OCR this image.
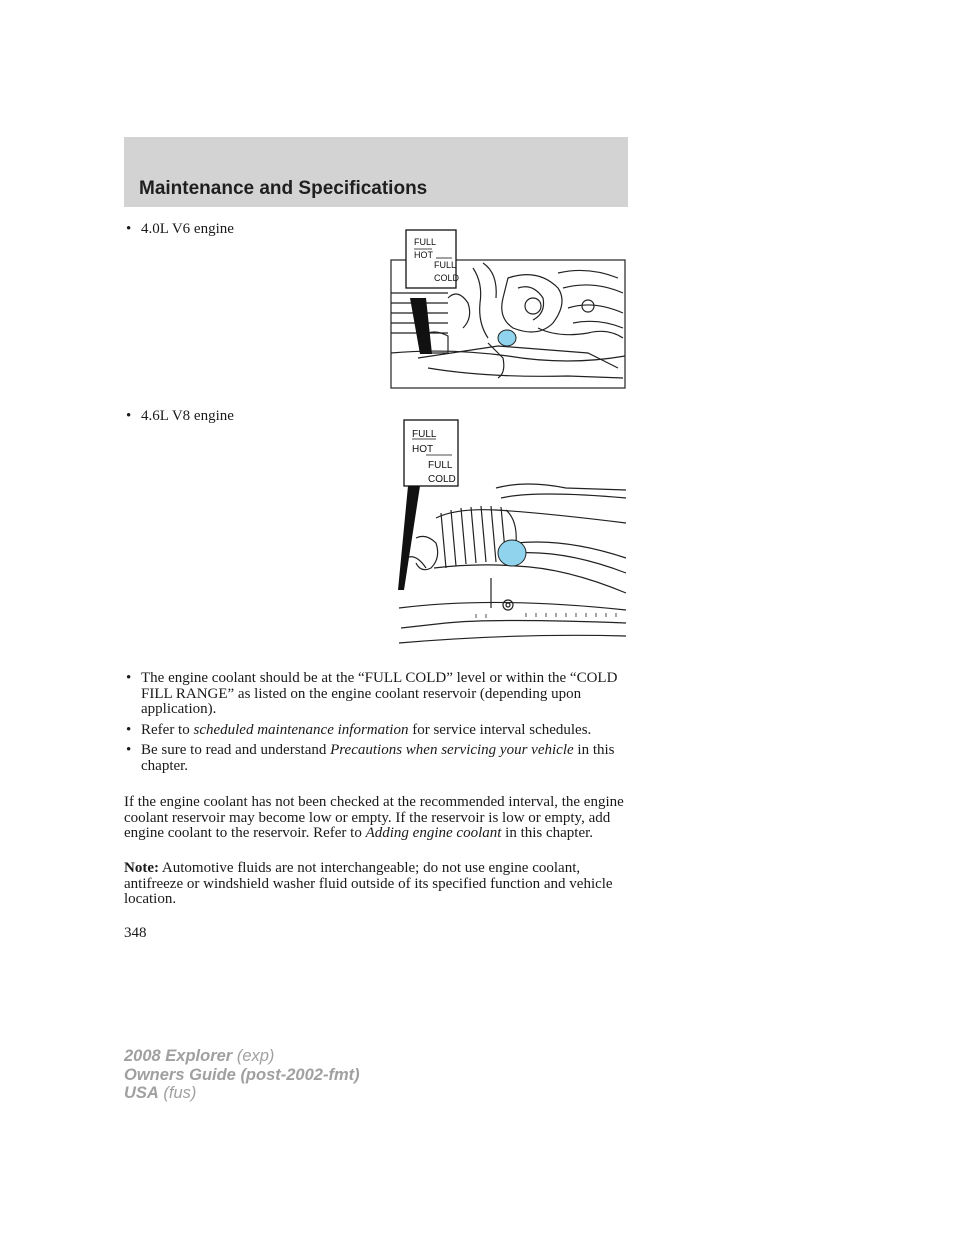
Maintenance and Specifications
• 4.0L V6 engine
FULL
HOT
FULL
COLD
• 4.6L V8 engine
FULL
HOT
FULL
COLD
• The engine coolant should be at the “FULL COLD” level or within the “COLD FILL RANGE” as listed on the engine coolant reservoir (depending upon application).
• Refer to scheduled maintenance information for service interval schedules.
• Be sure to read and understand Precautions when servicing your vehicle in this chapter.

If the engine coolant has not been checked at the recommended interval, the engine coolant reservoir may become low or empty. If the reservoir is low or empty, add engine coolant to the reservoir. Refer to Adding engine coolant in this chapter.

Note: Automotive fluids are not interchangeable; do not use engine coolant, antifreeze or windshield washer fluid outside of its specified function and vehicle location.

348
2008 Explorer (exp)
Owners Guide (post-2002-fmt)
USA (fus)
